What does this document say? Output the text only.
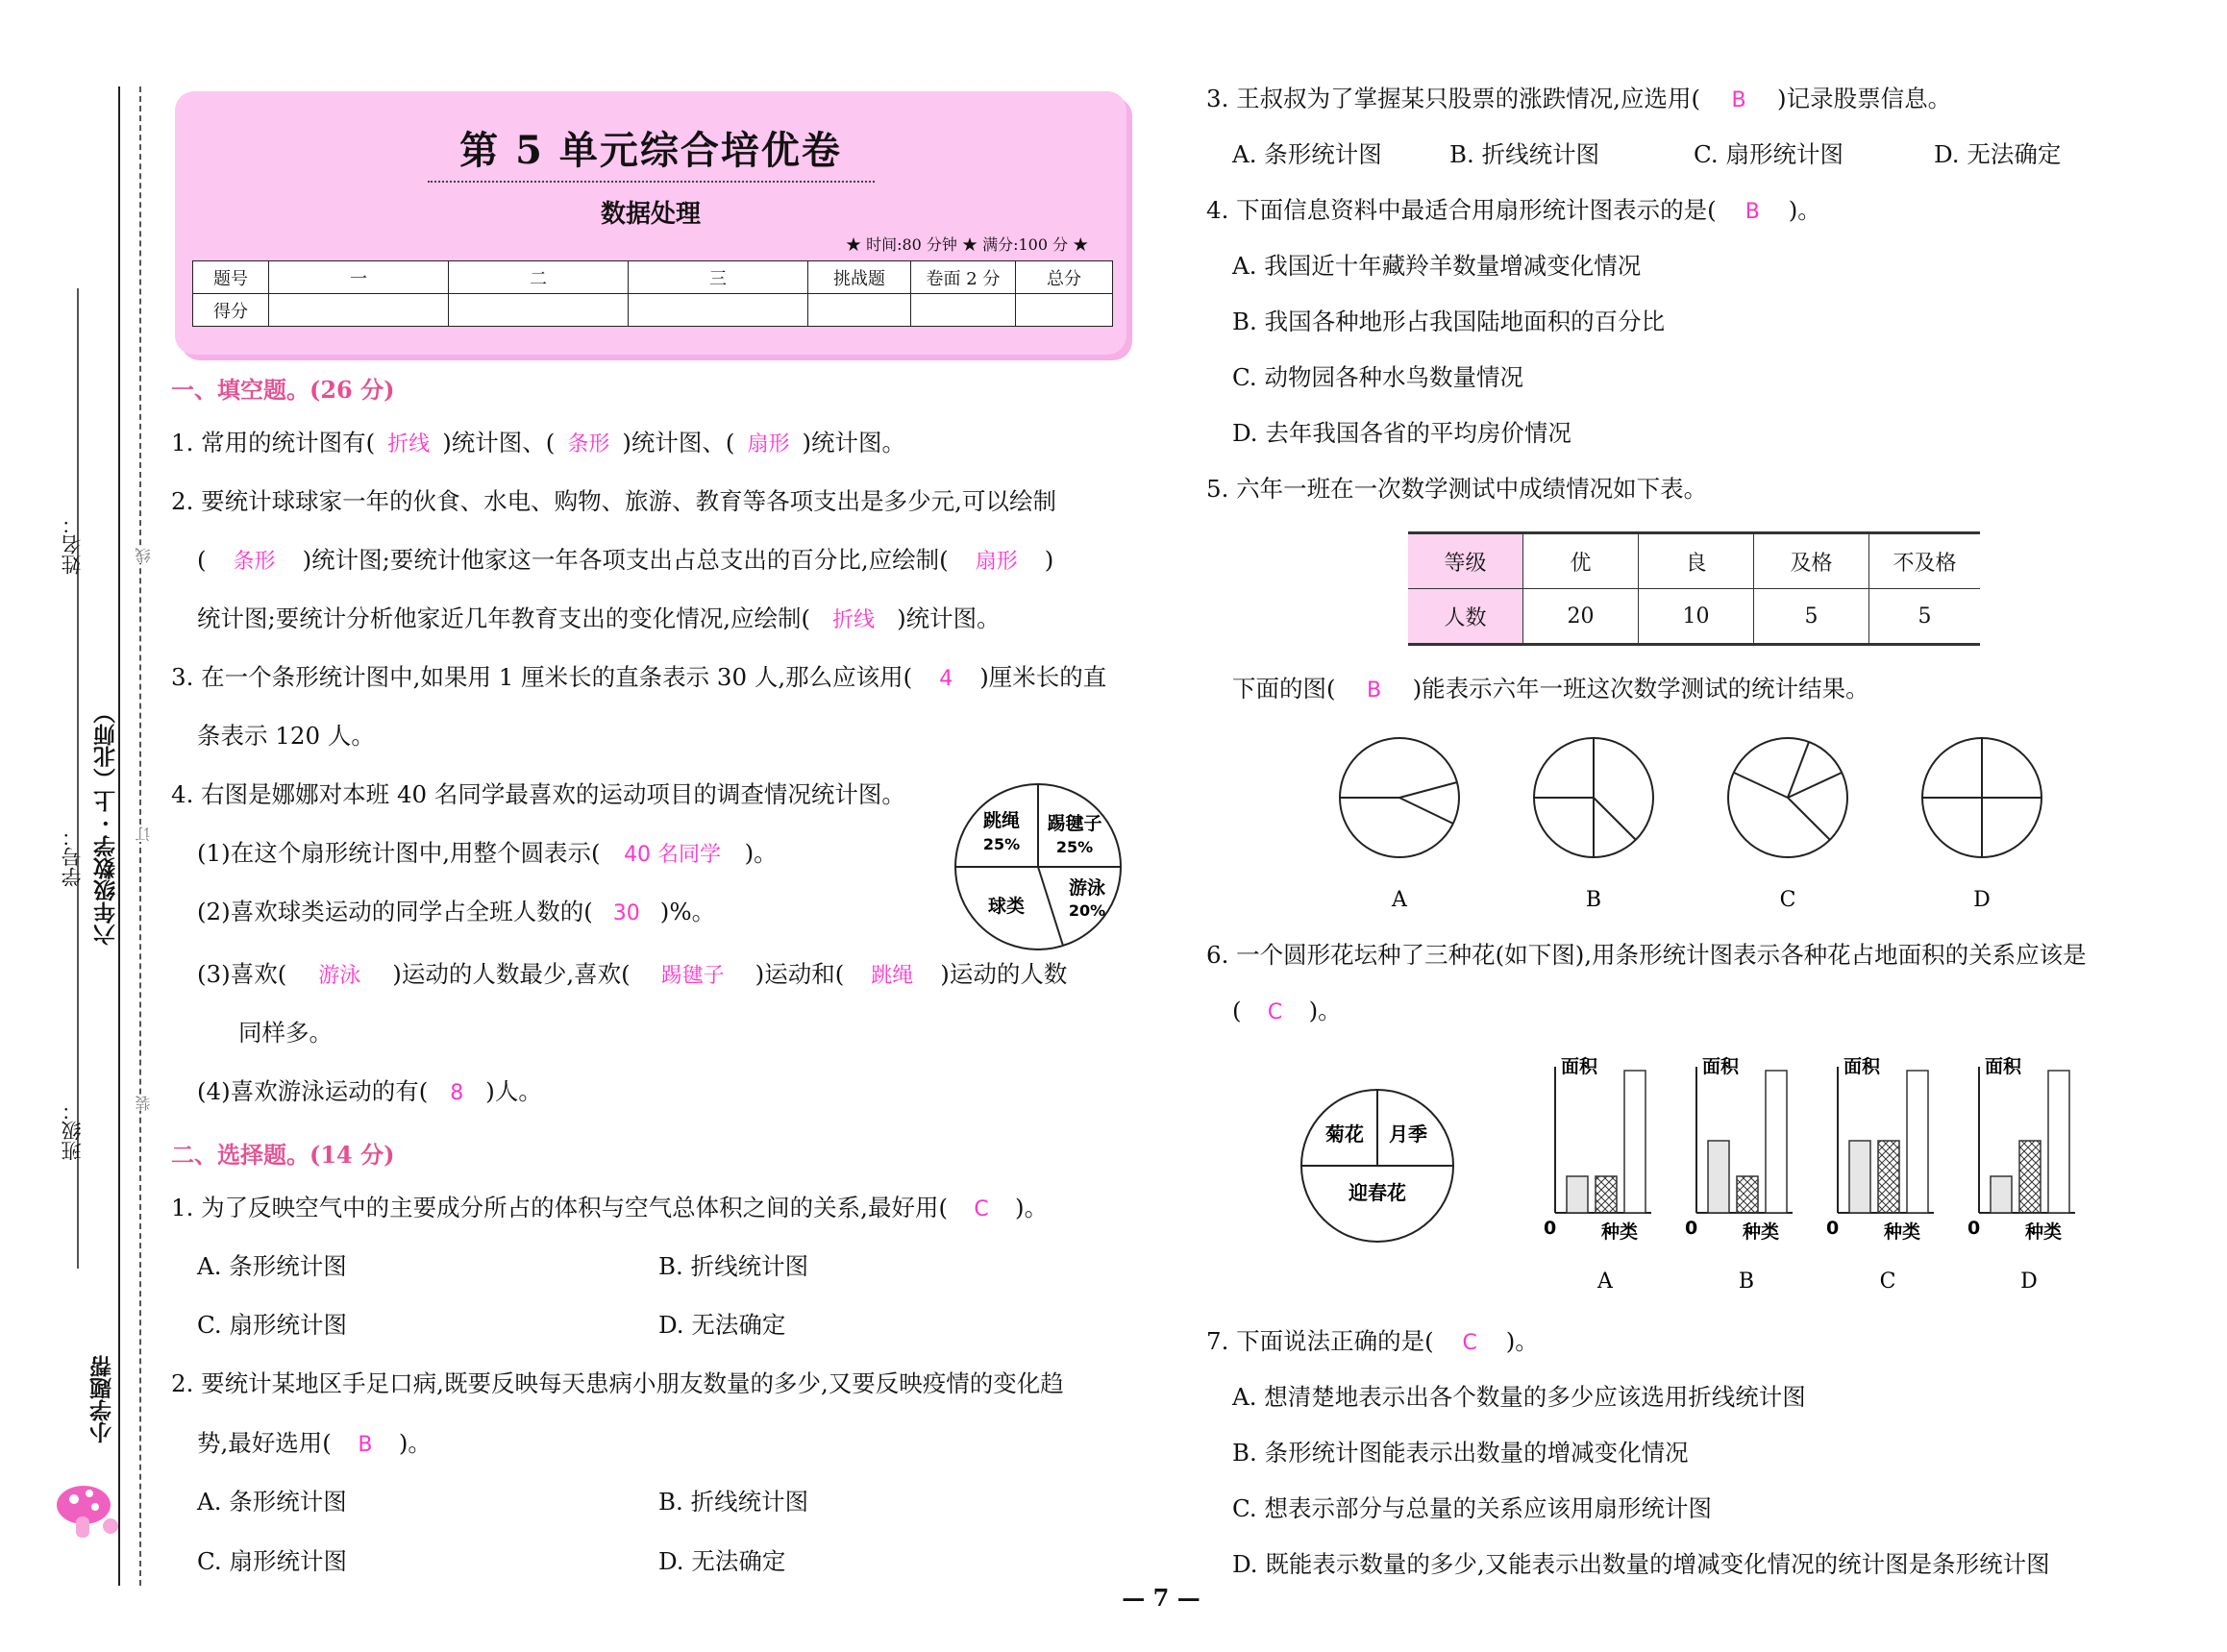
姓名：
学号：
班级：
六年级数学 · 上（北师）
线
订
装
小学题帮
第 5 单元综合培优卷
数据处理
★ 时间:80 分钟 ★ 满分:100 分 ★
题号	一	二	三	挑战题	卷面 2 分	总分
得分						
一、填空题。(26 分)
1. 常用的统计图有( 折线 )统计图、( 条形 )统计图、( 扇形 )统计图。
2. 要统计球球家一年的伙食、水电、购物、旅游、教育等各项支出是多少元,可以绘制
( 条形 )统计图;要统计他家这一年各项支出占总支出的百分比,应绘制( 扇形 )
统计图;要统计分析他家近几年教育支出的变化情况,应绘制( 折线 )统计图。
3. 在一个条形统计图中,如果用 1 厘米长的直条表示 30 人,那么应该用( 4 )厘米长的直
条表示 120 人。
4. 右图是娜娜对本班 40 名同学最喜欢的运动项目的调查情况统计图。
(1)在这个扇形统计图中,用整个圆表示( 40 名同学 )。
(2)喜欢球类运动的同学占全班人数的( 30 )%。
(3)喜欢( 游泳 )运动的人数最少,喜欢( 踢毽子 )运动和( 跳绳 )运动的人数
同样多。
(4)喜欢游泳运动的有( 8 )人。
跳绳
25%
踢毽子
25%
游泳
20%
球类
二、选择题。(14 分)
1. 为了反映空气中的主要成分所占的体积与空气总体积之间的关系,最好用( C )。
A. 条形统计图	B. 折线统计图
C. 扇形统计图	D. 无法确定
2. 要统计某地区手足口病,既要反映每天患病小朋友数量的多少,又要反映疫情的变化趋
势,最好选用( B )。
A. 条形统计图	B. 折线统计图
C. 扇形统计图	D. 无法确定
3. 王叔叔为了掌握某只股票的涨跌情况,应选用( B )记录股票信息。
A. 条形统计图	B. 折线统计图	C. 扇形统计图	D. 无法确定
4. 下面信息资料中最适合用扇形统计图表示的是( B )。
A. 我国近十年藏羚羊数量增减变化情况
B. 我国各种地形占我国陆地面积的百分比
C. 动物园各种水鸟数量情况
D. 去年我国各省的平均房价情况
5. 六年一班在一次数学测试中成绩情况如下表。
等级	优	良	及格	不及格
人数	20	10	5	5
下面的图( B )能表示六年一班这次数学测试的统计结果。
A	B	C	D
6. 一个圆形花坛种了三种花(如下图),用条形统计图表示各种花占地面积的关系应该是
( C )。
菊花 月季
迎春花
面积
种类
0
A
面积
种类
0
B
面积
种类
0
C
面积
种类
0
D
7. 下面说法正确的是( C )。
A. 想清楚地表示出各个数量的多少应该选用折线统计图
B. 条形统计图能表示出数量的增减变化情况
C. 想表示部分与总量的关系应该用扇形统计图
D. 既能表示数量的多少,又能表示出数量的增减变化情况的统计图是条形统计图
— 7 —
